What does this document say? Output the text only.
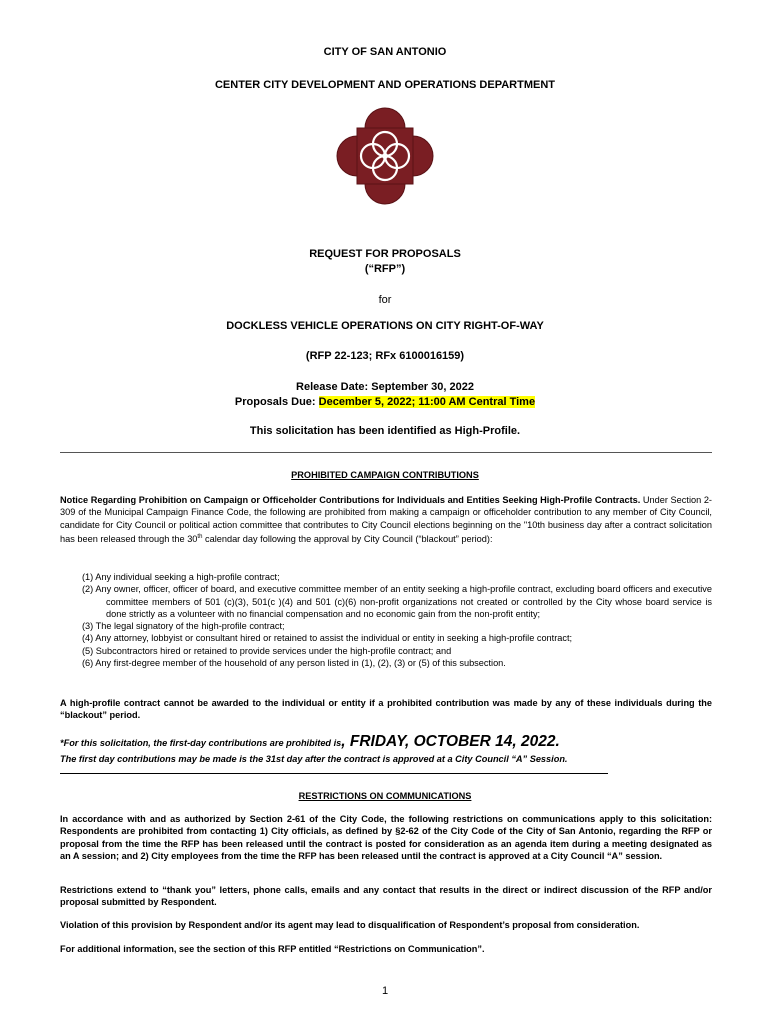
CITY OF SAN ANTONIO
CENTER CITY DEVELOPMENT AND OPERATIONS DEPARTMENT
REQUEST FOR PROPOSALS
(“RFP”)
for
DOCKLESS VEHICLE OPERATIONS ON CITY RIGHT-OF-WAY
(RFP 22-123; RFx 6100016159)
Release Date: September 30, 2022
Proposals Due: December 5, 2022; 11:00 AM Central Time
This solicitation has been identified as High-Profile.
PROHIBITED CAMPAIGN CONTRIBUTIONS
Notice Regarding Prohibition on Campaign or Officeholder Contributions for Individuals and Entities Seeking High-Profile Contracts. Under Section 2-309 of the Municipal Campaign Finance Code, the following are prohibited from making a campaign or officeholder contribution to any member of City Council, candidate for City Council or political action committee that contributes to City Council elections beginning on the "10th business day after a contract solicitation has been released through the 30th calendar day following the approval by City Council (“blackout” period):
(1) Any individual seeking a high-profile contract;
(2) Any owner, officer, officer of board, and executive committee member of an entity seeking a high-profile contract, excluding board officers and executive committee members of 501 (c)(3), 501(c )(4) and 501 (c)(6) non-profit organizations not created or controlled by the City whose board service is done strictly as a volunteer with no financial compensation and no economic gain from the non-profit entity;
(3) The legal signatory of the high-profile contract;
(4) Any attorney, lobbyist or consultant hired or retained to assist the individual or entity in seeking a high-profile contract;
(5) Subcontractors hired or retained to provide services under the high-profile contract; and
(6) Any first-degree member of the household of any person listed in (1), (2), (3) or (5) of this subsection.
A high-profile contract cannot be awarded to the individual or entity if a prohibited contribution was made by any of these individuals during the “blackout” period.
*For this solicitation, the first-day contributions are prohibited is, FRIDAY, OCTOBER 14, 2022.
The first day contributions may be made is the 31st day after the contract is approved at a City Council “A” Session.
RESTRICTIONS ON COMMUNICATIONS
In accordance with and as authorized by Section 2-61 of the City Code, the following restrictions on communications apply to this solicitation: Respondents are prohibited from contacting 1) City officials, as defined by §2-62 of the City Code of the City of San Antonio, regarding the RFP or proposal from the time the RFP has been released until the contract is posted for consideration as an agenda item during a meeting designated as an A session; and 2) City employees from the time the RFP has been released until the contract is approved at a City Council “A” session.
Restrictions extend to “thank you” letters, phone calls, emails and any contact that results in the direct or indirect discussion of the RFP and/or proposal submitted by Respondent.
Violation of this provision by Respondent and/or its agent may lead to disqualification of Respondent’s proposal from consideration.
For additional information, see the section of this RFP entitled “Restrictions on Communication”.
1
